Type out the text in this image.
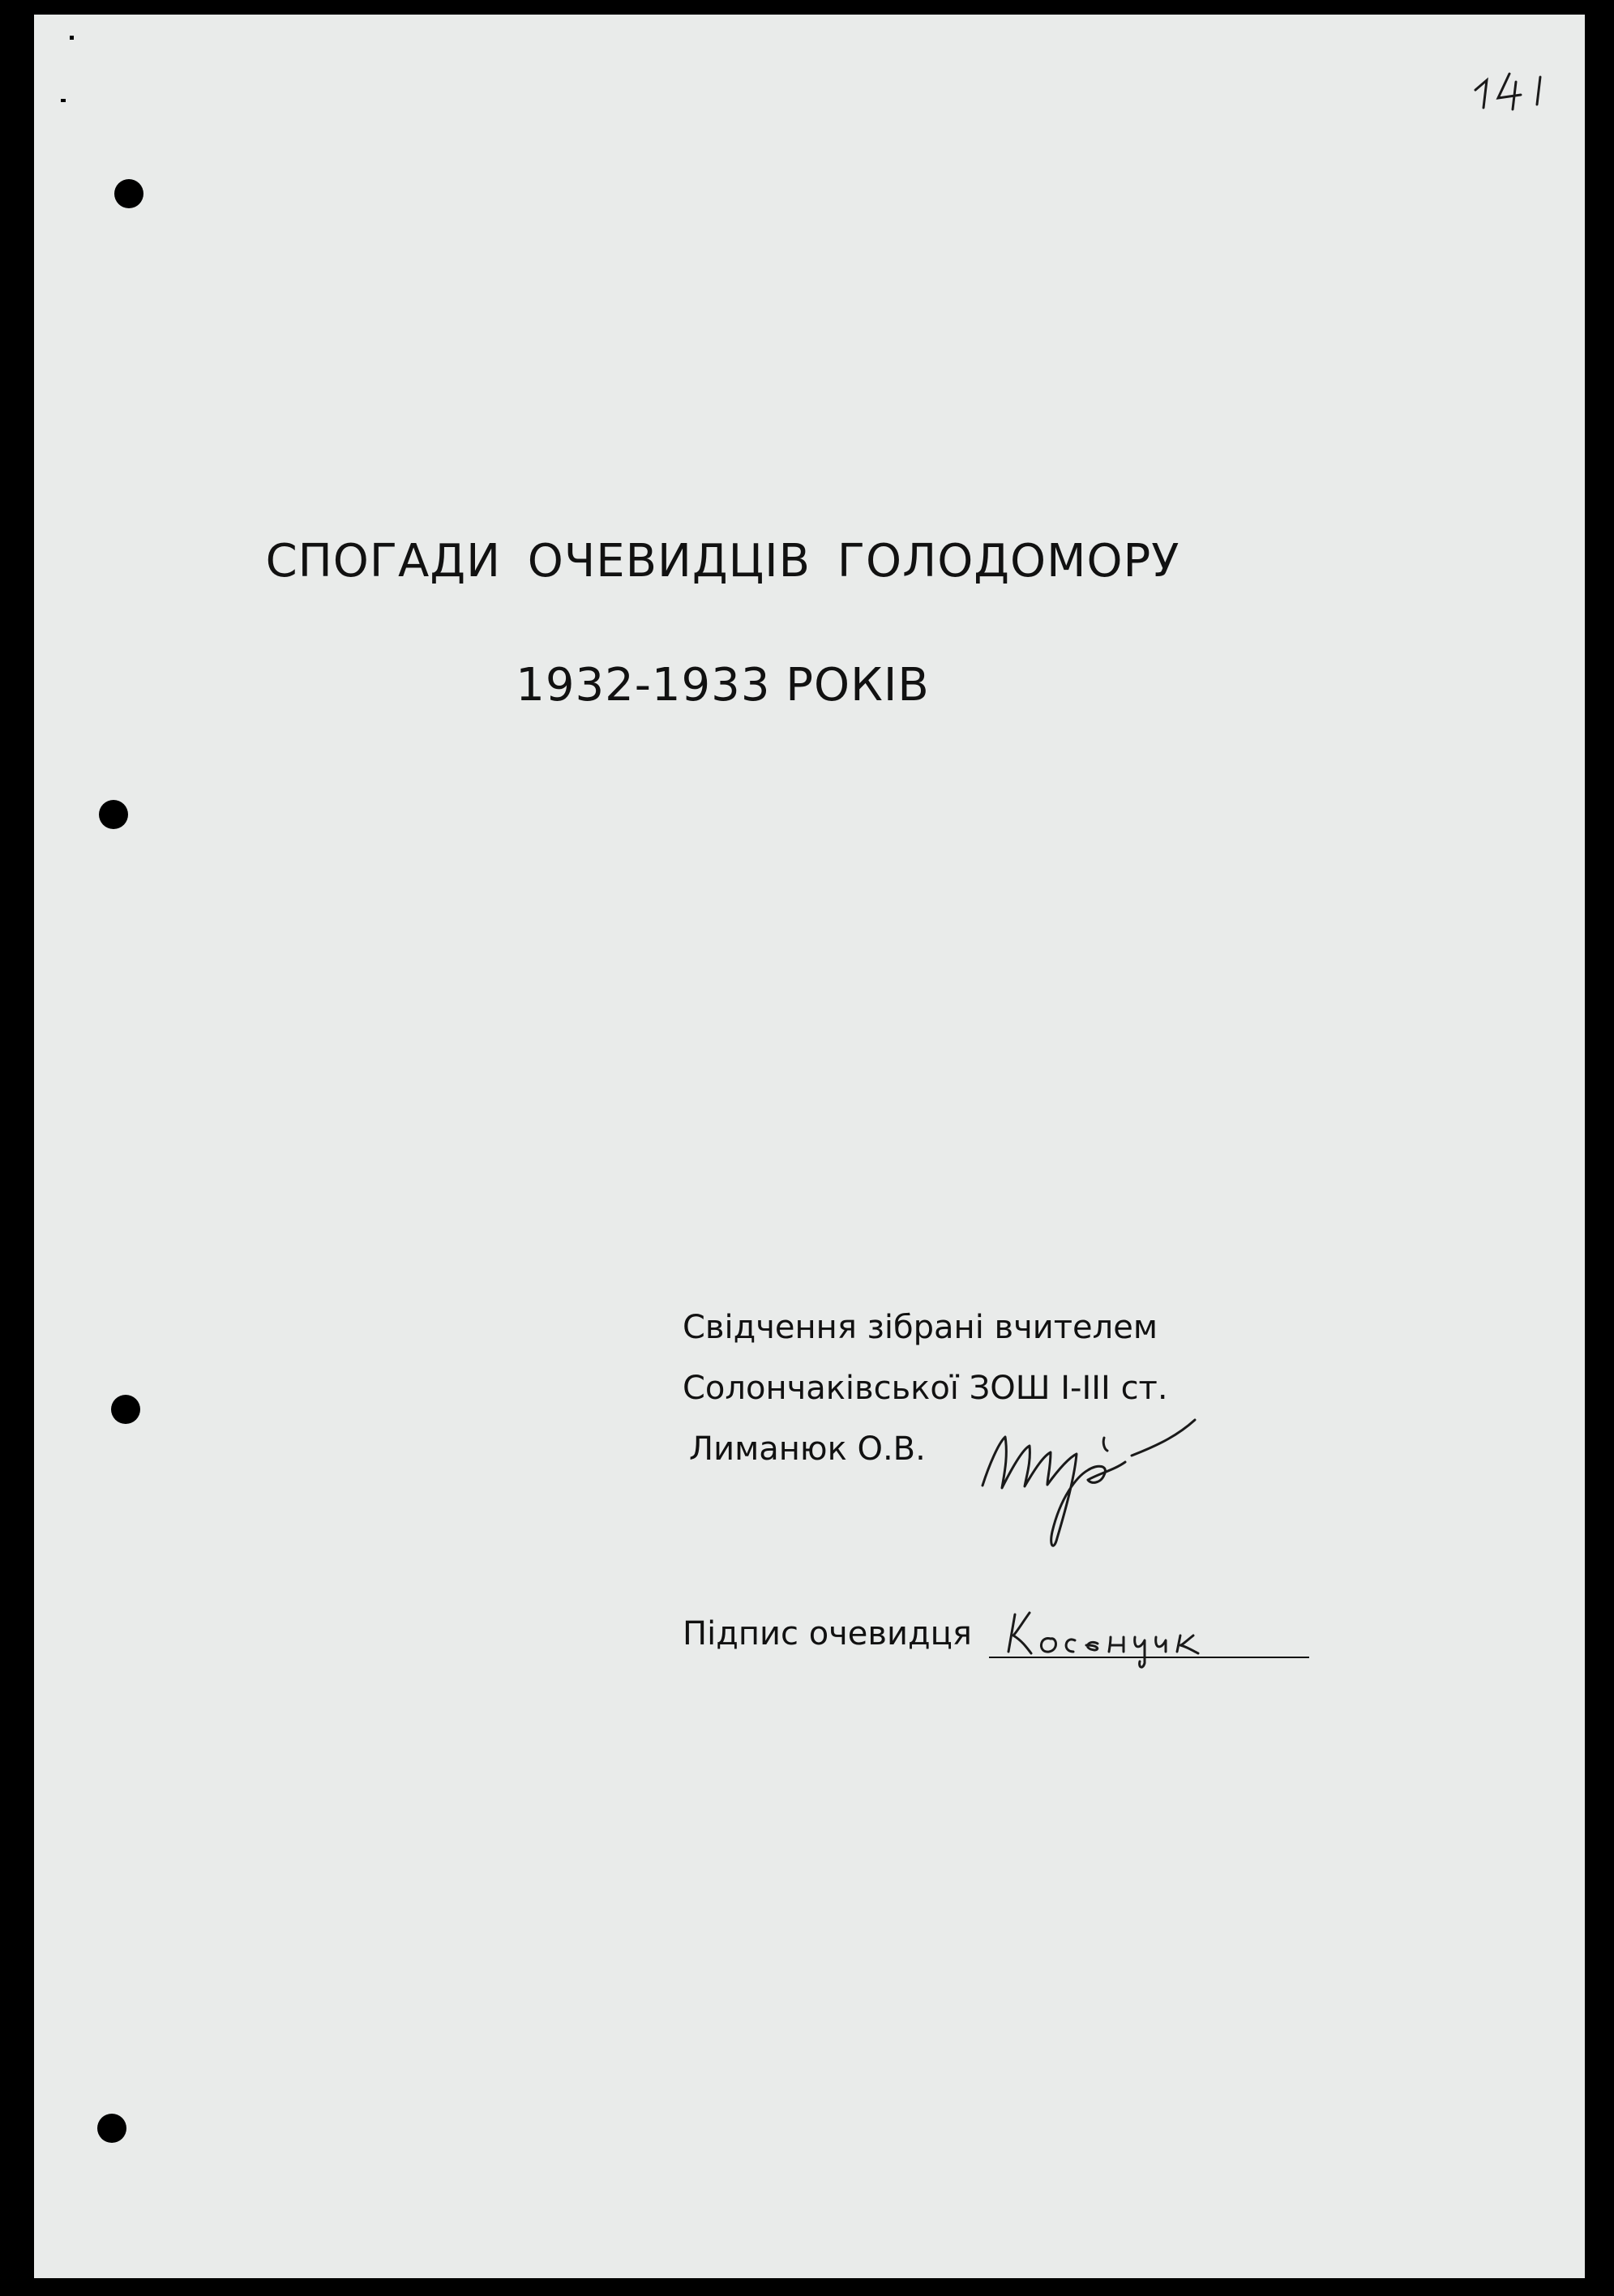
СПОГАДИ ОЧЕВИДЦІВ ГОЛОДОМОРУ
1932-1933 РОКІВ
Свідчення зібрані вчителем
Солончаківської ЗОШ І-ІІІ ст.
Лиманюк О.В.
Підпис очевидця
